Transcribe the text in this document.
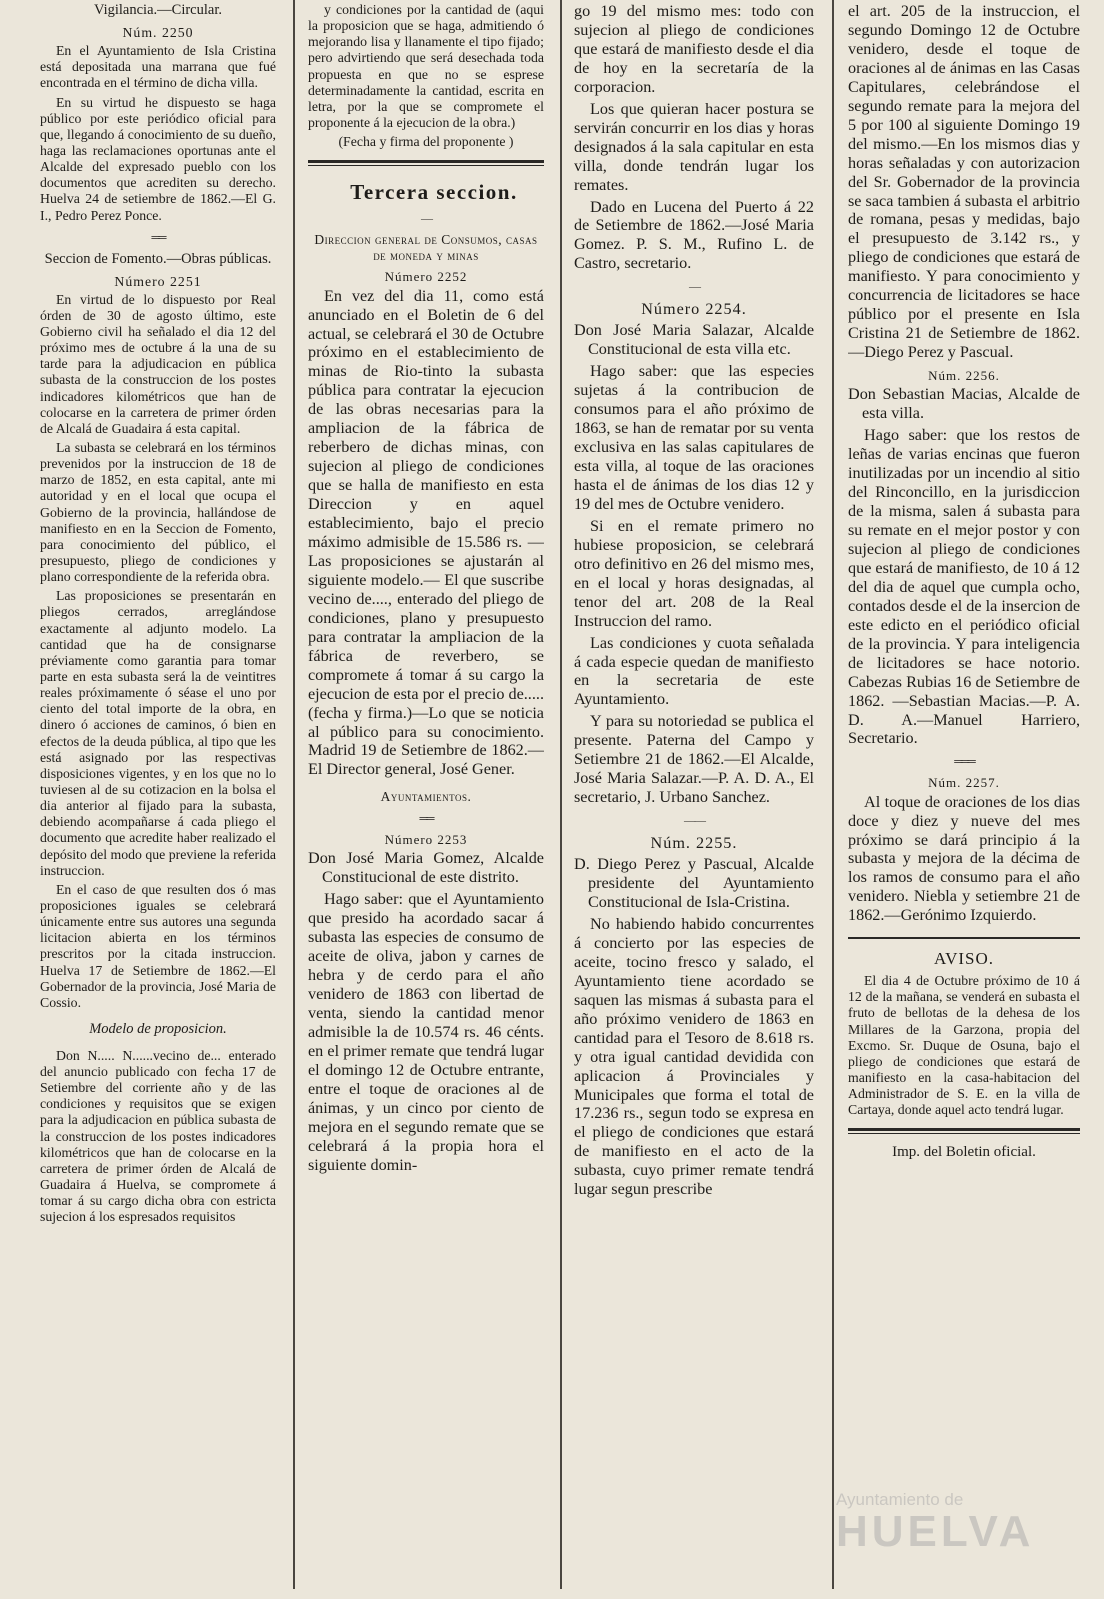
Vigilancia.—Circular.

Núm. 2250

En el Ayuntamiento de Isla Cristina está depositada una marrana que fué encontrada en el término de dicha villa.

En su virtud he dispuesto se haga público por este periódico oficial para que, llegando á conocimiento de su dueño, haga las reclamaciones oportunas ante el Alcalde del expresado pueblo con los documentos que acrediten su derecho. Huelva 24 de setiembre de 1862.—El G. I., Pedro Perez Ponce.

══

Seccion de Fomento.—Obras públicas.

Número 2251

En virtud de lo dispuesto por Real órden de 30 de agosto último, este Gobierno civil ha señalado el dia 12 del próximo mes de octubre á la una de su tarde para la adjudicacion en pública subasta de la construccion de los postes indicadores kilométricos que han de colocarse en la carretera de primer órden de Alcalá de Guadaira á esta capital.

La subasta se celebrará en los términos prevenidos por la instruccion de 18 de marzo de 1852, en esta capital, ante mi autoridad y en el local que ocupa el Gobierno de la provincia, hallándose de manifiesto en en la Seccion de Fomento, para conocimiento del público, el presupuesto, pliego de condiciones y plano correspondiente de la referida obra.

Las proposiciones se presentarán en pliegos cerrados, arreglándose exactamente al adjunto modelo. La cantidad que ha de consignarse préviamente como garantia para tomar parte en esta subasta será la de veintitres reales próximamente ó séase el uno por ciento del total importe de la obra, en dinero ó acciones de caminos, ó bien en efectos de la deuda pública, al tipo que les está asignado por las respectivas disposiciones vigentes, y en los que no lo tuviesen al de su cotizacion en la bolsa el dia anterior al fijado para la subasta, debiendo acompañarse á cada pliego el documento que acredite haber realizado el depósito del modo que previene la referida instruccion.

En el caso de que resulten dos ó mas proposiciones iguales se celebrará únicamente entre sus autores una segunda licitacion abierta en los términos prescritos por la citada instruccion. Huelva 17 de Setiembre de 1862.—El Gobernador de la provincia, José Maria de Cossio.

Modelo de proposicion.

Don N..... N......vecino de... enterado del anuncio publicado con fecha 17 de Setiembre del corriente año y de las condiciones y requisitos que se exigen para la adjudicacion en pública subasta de la construccion de los postes indicadores kilométricos que han de colocarse en la carretera de primer órden de Alcalá de Guadaira á Huelva, se compromete á tomar á su cargo dicha obra con estricta sujecion á los espresados requisitos

y condiciones por la cantidad de (aqui la proposicion que se haga, admitiendo ó mejorando lisa y llanamente el tipo fijado; pero advirtiendo que será desechada toda propuesta en que no se esprese determinadamente la cantidad, escrita en letra, por la que se compromete el proponente á la ejecucion de la obra.)

(Fecha y firma del proponente )

Tercera seccion.

—

Direccion general de Consumos, casas de moneda y minas

Número 2252

En vez del dia 11, como está anunciado en el Boletin de 6 del actual, se celebrará el 30 de Octubre próximo en el establecimiento de minas de Rio-tinto la subasta pública para contratar la ejecucion de las obras necesarias para la ampliacion de la fábrica de reberbero de dichas minas, con sujecion al pliego de condiciones que se halla de manifiesto en esta Direccion y en aquel establecimiento, bajo el precio máximo admisible de 15.586 rs. —Las proposiciones se ajustarán al siguiente modelo.— El que suscribe vecino de...., enterado del pliego de condiciones, plano y presupuesto para contratar la ampliacion de la fábrica de reverbero, se compromete á tomar á su cargo la ejecucion de esta por el precio de..... (fecha y firma.)—Lo que se noticia al público para su conocimiento. Madrid 19 de Setiembre de 1862.—El Director general, José Gener.

Ayuntamientos.

══

Número 2253

Don José Maria Gomez, Alcalde Constitucional de este distrito.

Hago saber: que el Ayuntamiento que presido ha acordado sacar á subasta las especies de consumo de aceite de oliva, jabon y carnes de hebra y de cerdo para el año venidero de 1863 con libertad de venta, siendo la cantidad menor admisible la de 10.574 rs. 46 cénts. en el primer remate que tendrá lugar el domingo 12 de Octubre entrante, entre el toque de oraciones al de ánimas, y un cinco por ciento de mejora en el segundo remate que se celebrará á la propia hora el siguiente domin-

go 19 del mismo mes: todo con sujecion al pliego de condiciones que estará de manifiesto desde el dia de hoy en la secretaría de la corporacion.

Los que quieran hacer postura se servirán concurrir en los dias y horas designados á la sala capitular en esta villa, donde tendrán lugar los remates.

Dado en Lucena del Puerto á 22 de Setiembre de 1862.—José Maria Gomez. P. S. M., Rufino L. de Castro, secretario.

—

Número 2254.

Don José Maria Salazar, Alcalde Constitucional de esta villa etc.

Hago saber: que las especies sujetas á la contribucion de consumos para el año próximo de 1863, se han de rematar por su venta exclusiva en las salas capitulares de esta villa, al toque de las oraciones hasta el de ánimas de los dias 12 y 19 del mes de Octubre venidero.

Si en el remate primero no hubiese proposicion, se celebrará otro definitivo en 26 del mismo mes, en el local y horas designadas, al tenor del art. 208 de la Real Instruccion del ramo.

Las condiciones y cuota señalada á cada especie quedan de manifiesto en la secretaria de este Ayuntamiento.

Y para su notoriedad se publica el presente. Paterna del Campo y Setiembre 21 de 1862.—El Alcalde, José Maria Salazar.—P. A. D. A., El secretario, J. Urbano Sanchez.

——

Núm. 2255.

D. Diego Perez y Pascual, Alcalde presidente del Ayuntamiento Constitucional de Isla-Cristina.

No habiendo habido concurrentes á concierto por las especies de aceite, tocino fresco y salado, el Ayuntamiento tiene acordado se saquen las mismas á subasta para el año próximo venidero de 1863 en cantidad para el Tesoro de 8.618 rs. y otra igual cantidad devidida con aplicacion á Provinciales y Municipales que forma el total de 17.236 rs., segun todo se expresa en el pliego de condiciones que estará de manifiesto en el acto de la subasta, cuyo primer remate tendrá lugar segun prescribe

el art. 205 de la instruccion, el segundo Domingo 12 de Octubre venidero, desde el toque de oraciones al de ánimas en las Casas Capitulares, celebrándose el segundo remate para la mejora del 5 por 100 al siguiente Domingo 19 del mismo.—En los mismos dias y horas señaladas y con autorizacion del Sr. Gobernador de la provincia se saca tambien á subasta el arbitrio de romana, pesas y medidas, bajo el presupuesto de 3.142 rs., y pliego de condiciones que estará de manifiesto. Y para conocimiento y concurrencia de licitadores se hace público por el presente en Isla Cristina 21 de Setiembre de 1862.—Diego Perez y Pascual.

Núm. 2256.

Don Sebastian Macias, Alcalde de esta villa.

Hago saber: que los restos de leñas de varias encinas que fueron inutilizadas por un incendio al sitio del Rinconcillo, en la jurisdiccion de la misma, salen á subasta para su remate en el mejor postor y con sujecion al pliego de condiciones que estará de manifiesto, de 10 á 12 del dia de aquel que cumpla ocho, contados desde el de la insercion de este edicto en el periódico oficial de la provincia. Y para inteligencia de licitadores se hace notorio. Cabezas Rubias 16 de Setiembre de 1862. —Sebastian Macias.—P. A. D. A.—Manuel Harriero, Secretario.

═══

Núm. 2257.

Al toque de oraciones de los dias doce y diez y nueve del mes próximo se dará principio á la subasta y mejora de la décima de los ramos de consumo para el año venidero. Niebla y setiembre 21 de 1862.—Gerónimo Izquierdo.

AVISO.

El dia 4 de Octubre próximo de 10 á 12 de la mañana, se venderá en subasta el fruto de bellotas de la dehesa de los Millares de la Garzona, propia del Excmo. Sr. Duque de Osuna, bajo el pliego de condiciones que estará de manifiesto en la casa-habitacion del Administrador de S. E. en la villa de Cartaya, donde aquel acto tendrá lugar.

Imp. del Boletin oficial.

Ayuntamiento de
HUELVA
